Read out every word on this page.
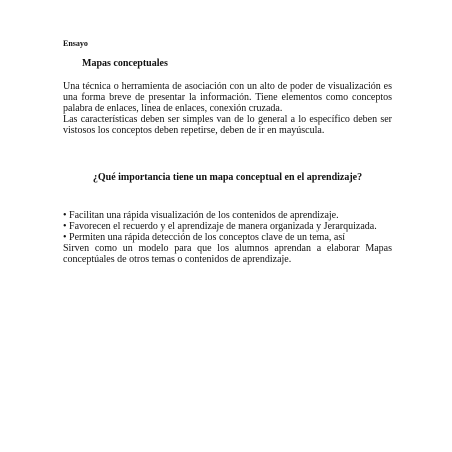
Ensayo
Mapas conceptuales

Una técnica o herramienta de asociación con un alto de poder de visualización es una forma breve de presentar la información. Tiene elementos como conceptos palabra de enlaces, línea de enlaces, conexión cruzada.

Las características deben ser simples van de lo general a lo específico deben ser vistosos los conceptos deben repetirse, deben de ir en mayúscula.

¿Qué importancia tiene un mapa conceptual en el aprendizaje?

• Facilitan una rápida visualización de los contenidos de aprendizaje.

• Favorecen el recuerdo y el aprendizaje de manera organizada y Jerarquizada.

• Permiten una rápida detección de los conceptos clave de un tema, así

Sirven como un modelo para que los alumnos aprendan a elaborar Mapas conceptúales de otros temas o contenidos de aprendizaje.
